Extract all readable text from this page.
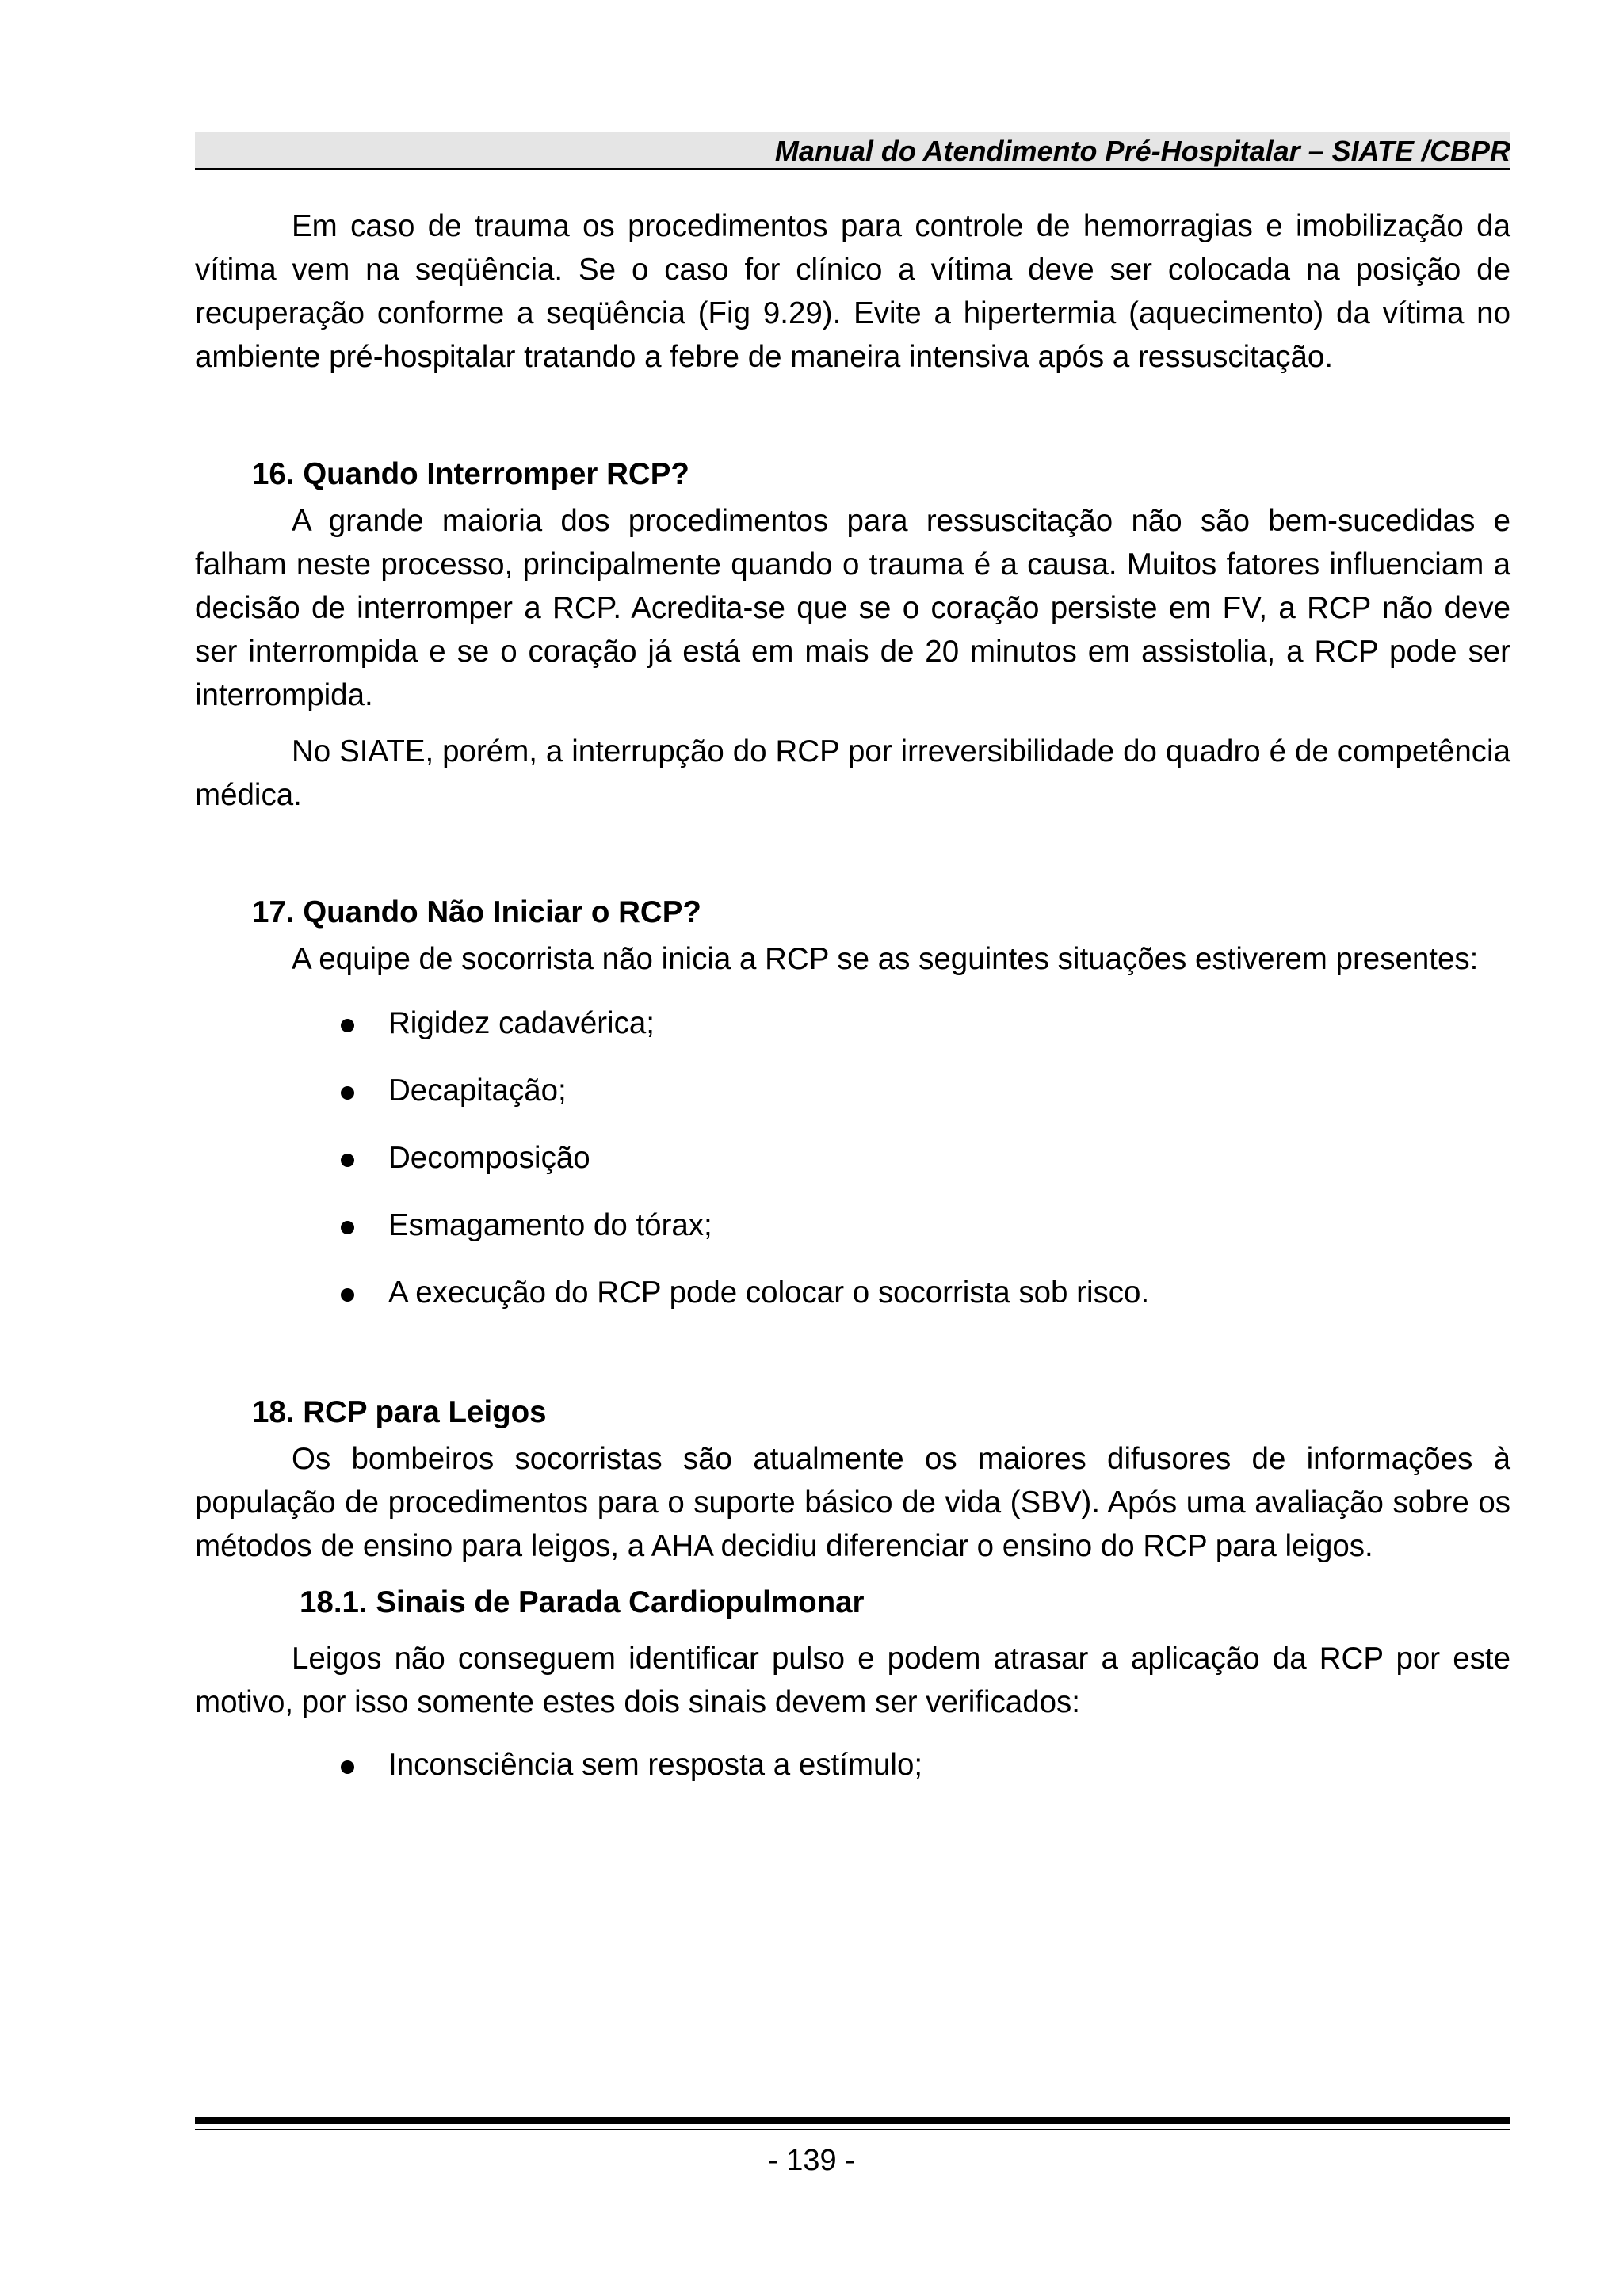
Manual do Atendimento Pré-Hospitalar – SIATE /CBPR

Em caso de trauma os procedimentos para controle de hemorragias e imobilização da vítima vem na seqüência. Se o caso for clínico a vítima deve ser colocada na posição de recuperação conforme a seqüência (Fig 9.29). Evite a hipertermia (aquecimento) da vítima no ambiente pré-hospitalar tratando a febre de maneira intensiva após a ressuscitação.

16. Quando Interromper RCP?

A grande maioria dos procedimentos para ressuscitação não são bem-sucedidas e falham neste processo, principalmente quando o trauma é a causa. Muitos fatores influenciam a decisão de interromper a RCP. Acredita-se que se o coração persiste em FV, a RCP não deve ser interrompida e se o coração já está em mais de 20 minutos em assistolia, a RCP pode ser interrompida.

No SIATE, porém, a interrupção do RCP por irreversibilidade do quadro é de competência médica.

17. Quando Não Iniciar o RCP?

A equipe de socorrista não inicia a RCP se as seguintes situações estiverem presentes:

Rigidez cadavérica;
Decapitação;
Decomposição
Esmagamento do tórax;
A execução do RCP pode colocar o socorrista sob risco.

18. RCP para Leigos

Os bombeiros socorristas são atualmente os maiores difusores de informações à população de procedimentos para o suporte básico de vida (SBV). Após uma avaliação sobre os métodos de ensino para leigos, a AHA decidiu diferenciar o ensino do RCP para leigos.

18.1. Sinais de Parada Cardiopulmonar

Leigos não conseguem identificar pulso e podem atrasar a aplicação da RCP por este motivo, por isso somente estes dois sinais devem ser verificados:

Inconsciência sem resposta a estímulo;
- 139 -
